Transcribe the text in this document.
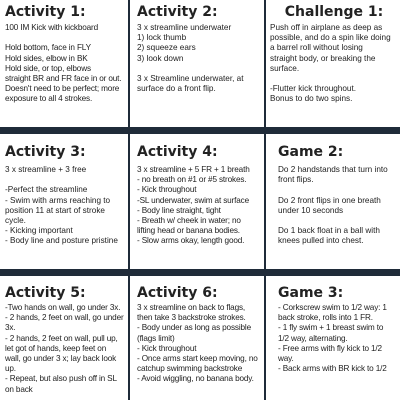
Activity 1:
100 IM Kick with kickboard
Hold bottom, face in FLY
Hold sides, elbow in BK
Hold side, or top, elbows
straight BR and FR face in or out.
Doesn't need to be perfect; more
exposure to all 4 strokes.
Activity 2:
3 x streamline underwater
1) lock thumb
2) squeeze ears
3) look down
3 x Streamline underwater, at
surface do a front flip.
Challenge 1:
Push off in airplane as deep as
possible, and do a spin like doing
a barrel roll without losing
straight body, or breaking the
surface.
-Flutter kick throughout.
Bonus to do two spins.
Activity 3:
3 x streamline + 3 free
-Perfect the streamline
- Swim with arms reaching to
position 11 at start of stroke
cycle.
- Kicking important
- Body line and posture pristine
Activity 4:
3 x streamline + 5 FR + 1 breath
- no breath on #1 or #5 strokes.
- Kick throughout
-SL underwater, swim at surface
- Body line straight, tight
- Breath w/ cheek in water; no
lifting head or banana bodies.
- Slow arms okay, length good.
Game 2:
Do 2 handstands that turn into
front flips.
Do 2 front flips in one breath
under 10 seconds
Do 1 back float in a ball with
knees pulled into chest.
Activity 5:
-Two hands on wall, go under 3x.
- 2 hands, 2 feet on wall, go under
3x.
- 2 hands, 2 feet on wall, pull up,
let got of hands, keep feet on
wall, go under 3 x; lay back look
up.
- Repeat, but also push off in SL
on back
Activity 6:
3 x streamline on back to flags,
then take 3 backstroke strokes.
- Body under as long as possible
(flags limit)
- Kick throughout
- Once arms start keep moving, no
catchup swimming backstroke
- Avoid wiggling, no banana body.
Game 3:
- Corkscrew swim to 1/2 way: 1
back stroke, rolls into 1 FR.
- 1 fly swim + 1 breast swim to
1/2 way, alternating.
- Free arms with fly kick to 1/2
way.
- Back arms with BR kick to 1/2
